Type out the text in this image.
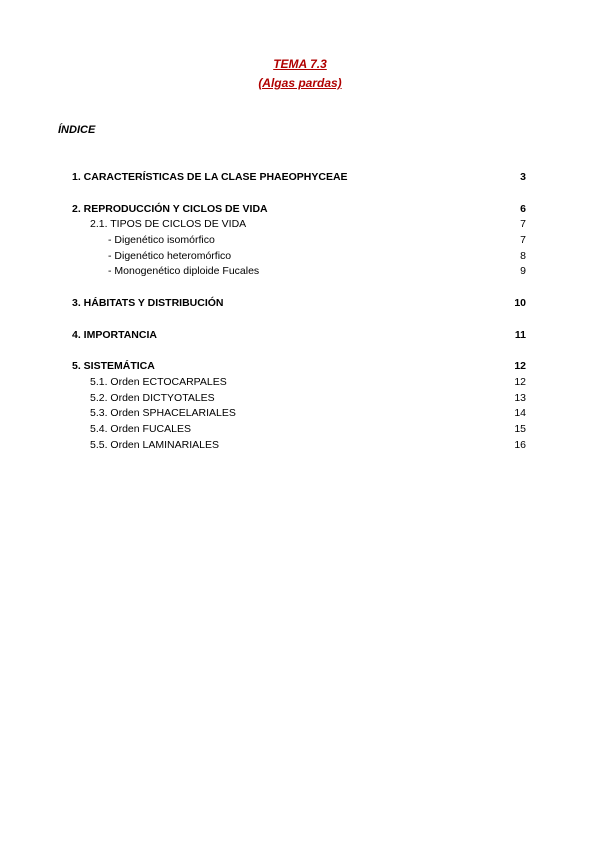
TEMA 7.3
(Algas pardas)
ÍNDICE
1. CARACTERÍSTICAS DE LA CLASE PHAEOPHYCEAE	3
2. REPRODUCCIÓN Y CICLOS DE VIDA	6
2.1. TIPOS DE CICLOS DE VIDA	7
- Digenético isomórfico	7
- Digenético heteromórfico	8
- Monogenético diploide Fucales	9
3. HÁBITATS Y DISTRIBUCIÓN	10
4. IMPORTANCIA	11
5. SISTEMÁTICA	12
5.1. Orden ECTOCARPALES	12
5.2. Orden DICTYOTALES	13
5.3. Orden SPHACELARIALES	14
5.4. Orden FUCALES	15
5.5. Orden LAMINARIALES	16
